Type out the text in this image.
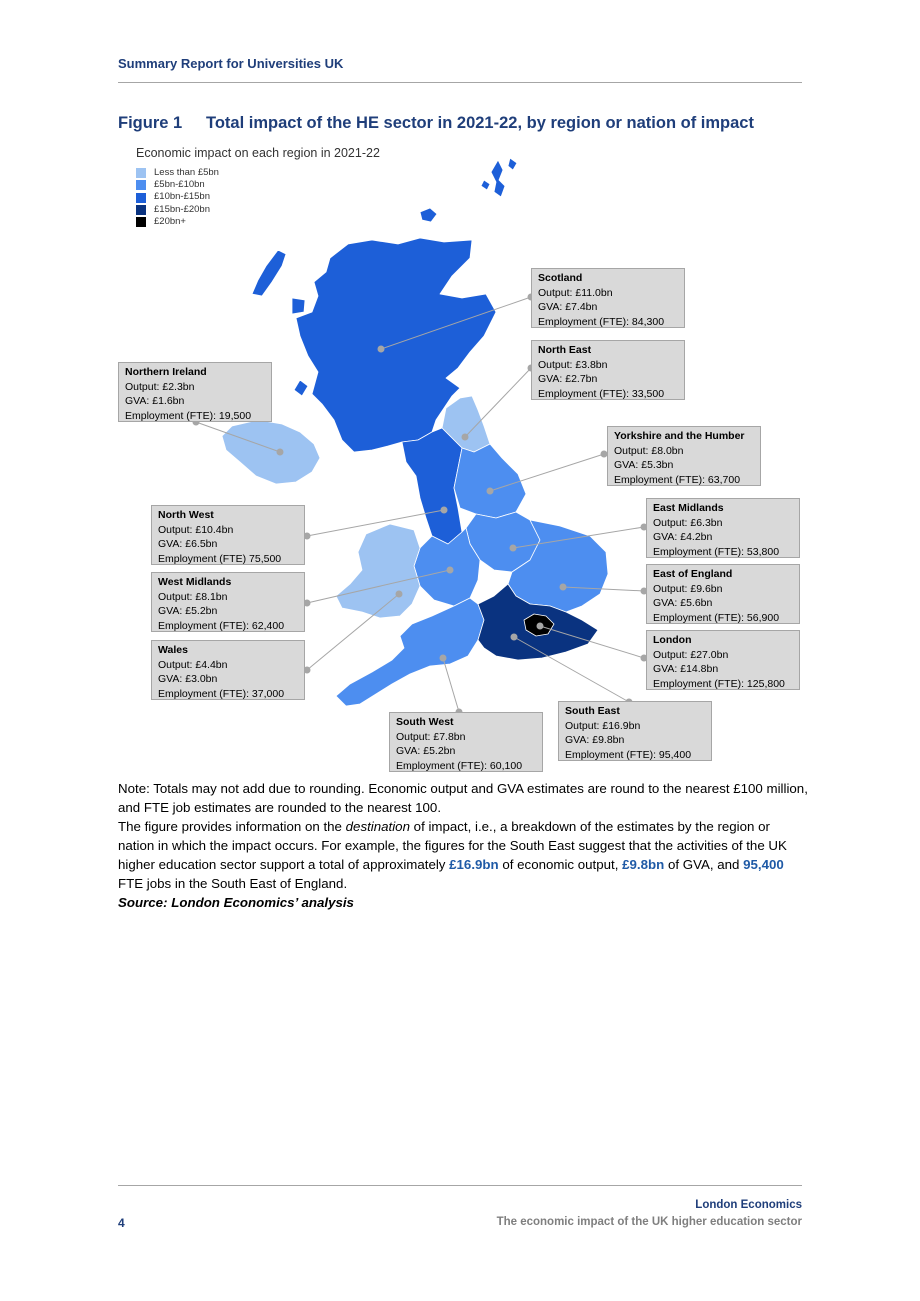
Summary Report for Universities UK
Figure 1 Total impact of the HE sector in 2021-22, by region or nation of impact
Economic impact on each region in 2021-22
Less than £5bn
£5bn-£10bn
£10bn-£15bn
£15bn-£20bn
£20bn+
Scotland
Output: £11.0bn
GVA: £7.4bn
Employment (FTE): 84,300
North East
Output: £3.8bn
GVA: £2.7bn
Employment (FTE): 33,500
Northern Ireland
Output: £2.3bn
GVA: £1.6bn
Employment (FTE): 19,500
Yorkshire and the Humber
Output: £8.0bn
GVA: £5.3bn
Employment (FTE): 63,700
North West
Output: £10.4bn
GVA: £6.5bn
Employment (FTE) 75,500
East Midlands
Output: £6.3bn
GVA: £4.2bn
Employment (FTE): 53,800
West Midlands
Output: £8.1bn
GVA: £5.2bn
Employment (FTE): 62,400
East of England
Output: £9.6bn
GVA: £5.6bn
Employment (FTE): 56,900
Wales
Output: £4.4bn
GVA: £3.0bn
Employment (FTE): 37,000
London
Output: £27.0bn
GVA: £14.8bn
Employment (FTE): 125,800
South East
Output: £16.9bn
GVA: £9.8bn
Employment (FTE): 95,400
South West
Output: £7.8bn
GVA: £5.2bn
Employment (FTE): 60,100
Note: Totals may not add due to rounding. Economic output and GVA estimates are round to the nearest £100 million, and FTE job estimates are rounded to the nearest 100.
The figure provides information on the destination of impact, i.e., a breakdown of the estimates by the region or nation in which the impact occurs. For example, the figures for the South East suggest that the activities of the UK higher education sector support a total of approximately £16.9bn of economic output, £9.8bn of GVA, and 95,400 FTE jobs in the South East of England.
Source: London Economics’ analysis
London Economics
4	The economic impact of the UK higher education sector
